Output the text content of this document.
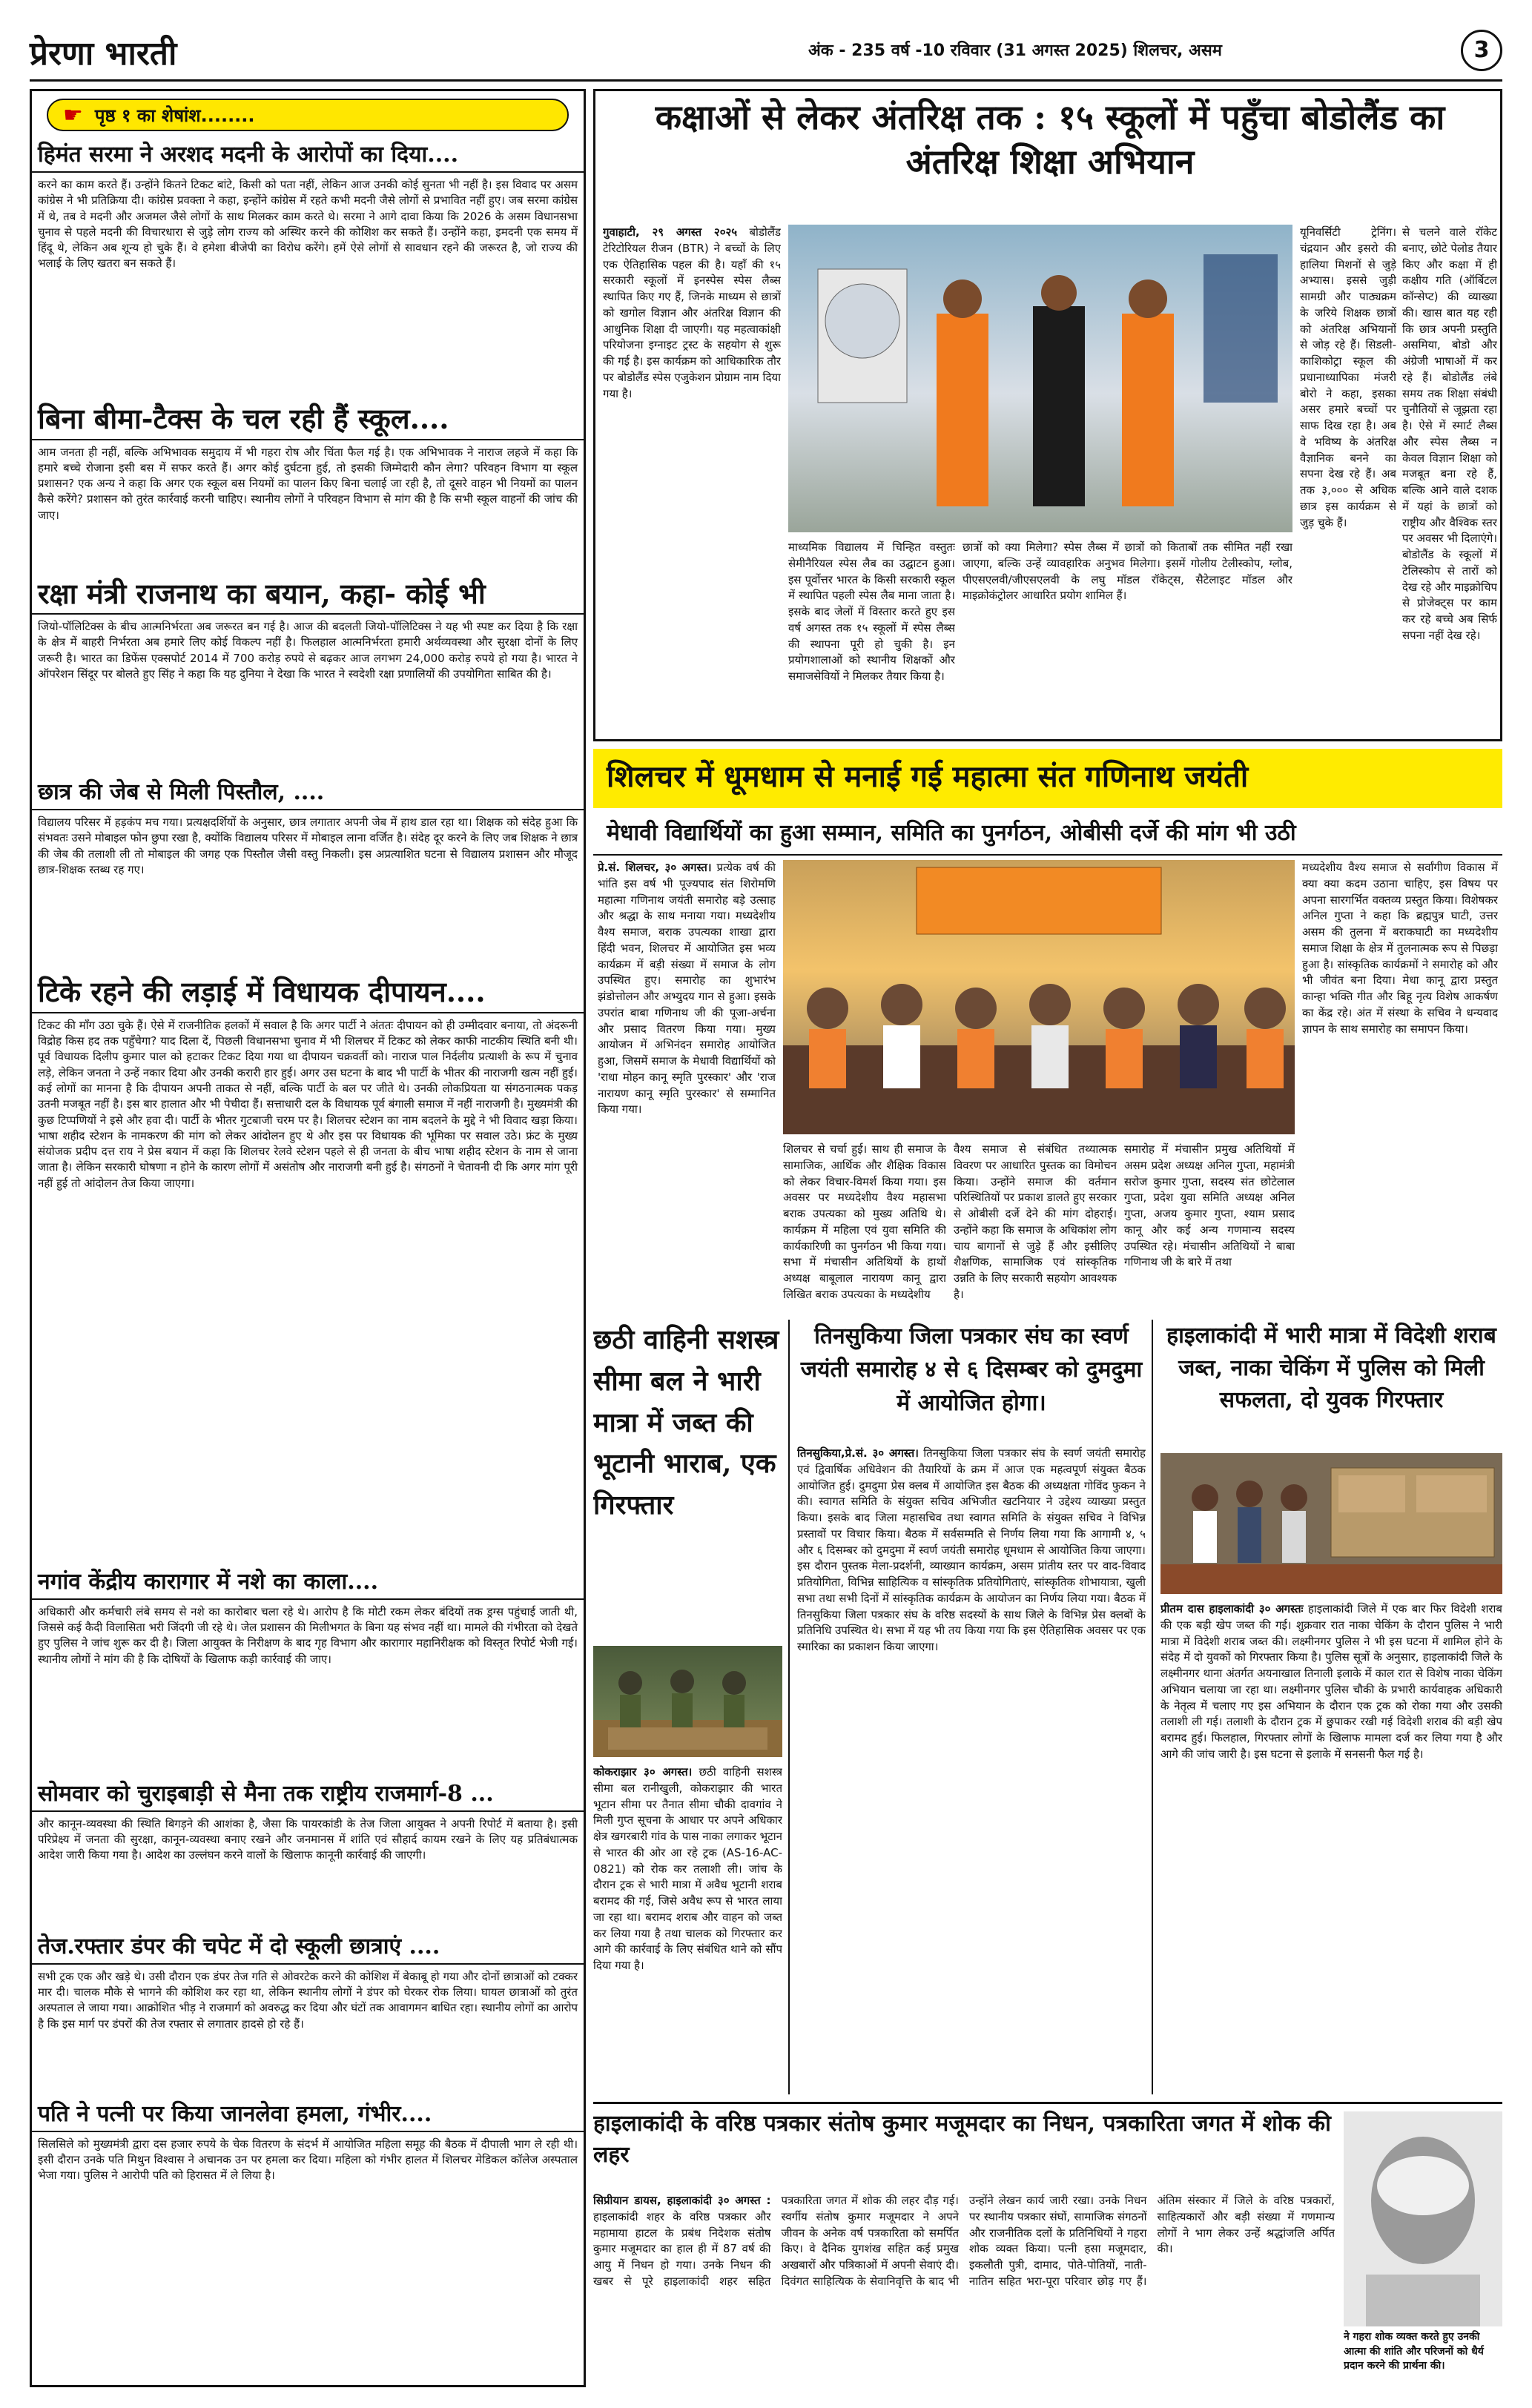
प्रेरणा भारती	अंक - 235 वर्ष -10 रविवार (31 अगस्त 2025) शिलचर, असम	3
☛ पृष्ठ १ का शेषांश........
हिमंत सरमा ने अरशद मदनी के आरोपों का दिया....
करने का काम करते हैं। उन्होंने कितने टिकट बांटे, किसी को पता नहीं, लेकिन आज उनकी कोई सुनता भी नहीं है। इस विवाद पर असम कांग्रेस ने भी प्रतिक्रिया दी। कांग्रेस प्रवक्ता ने कहा, इन्होंने कांग्रेस में रहते कभी मदनी जैसे लोगों से प्रभावित नहीं हुए। जब सरमा कांग्रेस में थे, तब वे मदनी और अजमल जैसे लोगों के साथ मिलकर काम करते थे। सरमा ने आगे दावा किया कि 2026 के असम विधानसभा चुनाव से पहले मदनी की विचारधारा से जुड़े लोग राज्य को अस्थिर करने की कोशिश कर सकते हैं। उन्होंने कहा, इमदनी एक समय में हिंदू थे, लेकिन अब शून्य हो चुके हैं। वे हमेशा बीजेपी का विरोध करेंगे। हमें ऐसे लोगों से सावधान रहने की जरूरत है, जो राज्य की भलाई के लिए खतरा बन सकते हैं।
बिना बीमा-टैक्स के चल रही हैं स्कूल....
आम जनता ही नहीं, बल्कि अभिभावक समुदाय में भी गहरा रोष और चिंता फैल गई है। एक अभिभावक ने नाराज लहजे में कहा कि हमारे बच्चे रोजाना इसी बस में सफर करते हैं। अगर कोई दुर्घटना हुई, तो इसकी जिम्मेदारी कौन लेगा? परिवहन विभाग या स्कूल प्रशासन? एक अन्य ने कहा कि अगर एक स्कूल बस नियमों का पालन किए बिना चलाई जा रही है, तो दूसरे वाहन भी नियमों का पालन कैसे करेंगे? प्रशासन को तुरंत कार्रवाई करनी चाहिए। स्थानीय लोगों ने परिवहन विभाग से मांग की है कि सभी स्कूल वाहनों की जांच की जाए।
रक्षा मंत्री राजनाथ का बयान, कहा- कोई भी
जियो-पॉलिटिक्स के बीच आत्मनिर्भरता अब जरूरत बन गई है। आज की बदलती जियो-पॉलिटिक्स ने यह भी स्पष्ट कर दिया है कि रक्षा के क्षेत्र में बाहरी निर्भरता अब हमारे लिए कोई विकल्प नहीं है। फिलहाल आत्मनिर्भरता हमारी अर्थव्यवस्था और सुरक्षा दोनों के लिए जरूरी है। भारत का डिफेंस एक्सपोर्ट 2014 में 700 करोड़ रुपये से बढ़कर आज लगभग 24,000 करोड़ रुपये हो गया है। भारत ने ऑपरेशन सिंदूर पर बोलते हुए सिंह ने कहा कि यह दुनिया ने देखा कि भारत ने स्वदेशी रक्षा प्रणालियों की उपयोगिता साबित की है।
छात्र की जेब से मिली पिस्तौल, ....
विद्यालय परिसर में हड़कंप मच गया। प्रत्यक्षदर्शियों के अनुसार, छात्र लगातार अपनी जेब में हाथ डाल रहा था। शिक्षक को संदेह हुआ कि संभवतः उसने मोबाइल फोन छुपा रखा है, क्योंकि विद्यालय परिसर में मोबाइल लाना वर्जित है। संदेह दूर करने के लिए जब शिक्षक ने छात्र की जेब की तलाशी ली तो मोबाइल की जगह एक पिस्तौल जैसी वस्तु निकली। इस अप्रत्याशित घटना से विद्यालय प्रशासन और मौजूद छात्र-शिक्षक स्तब्ध रह गए।
टिके रहने की लड़ाई में विधायक दीपायन....
टिकट की माँग उठा चुके हैं। ऐसे में राजनीतिक हलकों में सवाल है कि अगर पार्टी ने अंततः दीपायन को ही उम्मीदवार बनाया, तो अंदरूनी विद्रोह किस हद तक पहुँचेगा? याद दिला दें, पिछली विधानसभा चुनाव में भी शिलचर में टिकट को लेकर काफी नाटकीय स्थिति बनी थी। पूर्व विधायक दिलीप कुमार पाल को हटाकर टिकट दिया गया था दीपायन चक्रवर्ती को। नाराज पाल निर्दलीय प्रत्याशी के रूप में चुनाव लड़े, लेकिन जनता ने उन्हें नकार दिया और उनकी करारी हार हुई। अगर उस घटना के बाद भी पार्टी के भीतर की नाराजगी खत्म नहीं हुई। कई लोगों का मानना है कि दीपायन अपनी ताकत से नहीं, बल्कि पार्टी के बल पर जीते थे। उनकी लोकप्रियता या संगठनात्मक पकड़ उतनी मजबूत नहीं है। इस बार हालात और भी पेचीदा हैं। सत्ताधारी दल के विधायक पूर्व बंगाली समाज में नहीं नाराजगी है। मुख्यमंत्री की कुछ टिप्पणियों ने इसे और हवा दी। पार्टी के भीतर गुटबाजी चरम पर है। शिलचर स्टेशन का नाम बदलने के मुद्दे ने भी विवाद खड़ा किया। भाषा शहीद स्टेशन के नामकरण की मांग को लेकर आंदोलन हुए थे और इस पर विधायक की भूमिका पर सवाल उठे। फ्रंट के मुख्य संयोजक प्रदीप दत्त राय ने प्रेस बयान में कहा कि शिलचर रेलवे स्टेशन पहले से ही जनता के बीच भाषा शहीद स्टेशन के नाम से जाना जाता है। लेकिन सरकारी घोषणा न होने के कारण लोगों में असंतोष और नाराजगी बनी हुई है। संगठनों ने चेतावनी दी कि अगर मांग पूरी नहीं हुई तो आंदोलन तेज किया जाएगा।
नगांव केंद्रीय कारागार में नशे का काला....
अधिकारी और कर्मचारी लंबे समय से नशे का कारोबार चला रहे थे। आरोप है कि मोटी रकम लेकर बंदियों तक ड्रग्स पहुंचाई जाती थी, जिससे कई कैदी विलासिता भरी जिंदगी जी रहे थे। जेल प्रशासन की मिलीभगत के बिना यह संभव नहीं था। मामले की गंभीरता को देखते हुए पुलिस ने जांच शुरू कर दी है। जिला आयुक्त के निरीक्षण के बाद गृह विभाग और कारागार महानिरीक्षक को विस्तृत रिपोर्ट भेजी गई। स्थानीय लोगों ने मांग की है कि दोषियों के खिलाफ कड़ी कार्रवाई की जाए।
सोमवार को चुराइबाड़ी से मैना तक राष्ट्रीय राजमार्ग-8 ...
और कानून-व्यवस्था की स्थिति बिगड़ने की आशंका है, जैसा कि पायरकांडी के तेज जिला आयुक्त ने अपनी रिपोर्ट में बताया है। इसी परिप्रेक्ष्य में जनता की सुरक्षा, कानून-व्यवस्था बनाए रखने और जनमानस में शांति एवं सौहार्द कायम रखने के लिए यह प्रतिबंधात्मक आदेश जारी किया गया है। आदेश का उल्लंघन करने वालों के खिलाफ कानूनी कार्रवाई की जाएगी।
तेज.रफ्तार डंपर की चपेट में दो स्कूली छात्राएं ....
सभी ट्रक एक और खड़े थे। उसी दौरान एक डंपर तेज गति से ओवरटेक करने की कोशिश में बेकाबू हो गया और दोनों छात्राओं को टक्कर मार दी। चालक मौके से भागने की कोशिश कर रहा था, लेकिन स्थानीय लोगों ने डंपर को घेरकर रोक लिया। घायल छात्राओं को तुरंत अस्पताल ले जाया गया। आक्रोशित भीड़ ने राजमार्ग को अवरुद्ध कर दिया और घंटों तक आवागमन बाधित रहा। स्थानीय लोगों का आरोप है कि इस मार्ग पर डंपरों की तेज रफ्तार से लगातार हादसे हो रहे हैं।
पति ने पत्नी पर किया जानलेवा हमला, गंभीर....
सिलसिले को मुख्यमंत्री द्वारा दस हजार रुपये के चेक वितरण के संदर्भ में आयोजित महिला समूह की बैठक में दीपाली भाग ले रही थी। इसी दौरान उनके पति मिथुन विश्वास ने अचानक उन पर हमला कर दिया। महिला को गंभीर हालत में शिलचर मेडिकल कॉलेज अस्पताल भेजा गया। पुलिस ने आरोपी पति को हिरासत में ले लिया है।
कक्षाओं से लेकर अंतरिक्ष तक : १५ स्कूलों में पहुँचा बोडोलैंड का अंतरिक्ष शिक्षा अभियान
गुवाहाटी, २९ अगस्त २०२५ बोडोलैंड टेरिटोरियल रीजन (BTR) ने बच्चों के लिए एक ऐतिहासिक पहल की है। यहाँ की १५ सरकारी स्कूलों में इनस्पेस स्पेस लैब्स स्थापित किए गए हैं, जिनके माध्यम से छात्रों को खगोल विज्ञान और अंतरिक्ष विज्ञान की आधुनिक शिक्षा दी जाएगी। यह महत्वाकांक्षी परियोजना इग्नाइट ट्रस्ट के सहयोग से शुरू की गई है। इस कार्यक्रम को आधिकारिक तौर पर बोडोलैंड स्पेस एजुकेशन प्रोग्राम नाम दिया गया है।
माध्यमिक विद्यालय में चिन्हित वस्तुतः सेमीनैरियल स्पेस लैब का उद्घाटन हुआ। इस पूर्वोत्तर भारत के किसी सरकारी स्कूल में स्थापित पहली स्पेस लैब माना जाता है। इसके बाद जेलों में विस्तार करते हुए इस वर्ष अगस्त तक १५ स्कूलों में स्पेस लैब्स की स्थापना पूरी हो चुकी है। इन प्रयोगशालाओं को स्थानीय शिक्षकों और समाजसेवियों ने मिलकर तैयार किया है।
छात्रों को क्या मिलेगा? स्पेस लैब्स में छात्रों को किताबों तक सीमित नहीं रखा जाएगा, बल्कि उन्हें व्यावहारिक अनुभव मिलेगा। इसमें गोलीय टेलीस्कोप, ग्लोब, पीएसएलवी/जीएसएलवी के लघु मॉडल रॉकेट्स, सैटेलाइट मॉडल और माइक्रोकंट्रोलर आधारित प्रयोग शामिल हैं।
यूनिवर्सिटी ट्रेनिंग। चंद्रयान और इसरो की हालिया मिशनों से जुड़े अभ्यास। इससे जुड़ी सामग्री और पाठ्यक्रम के जरिये शिक्षक छात्रों को अंतरिक्ष अभियानों से जोड़ रहे हैं। सिडली-काशिकोट्रा स्कूल की प्रधानाध्यापिका मंजरी बोरो ने कहा, इसका असर हमारे बच्चों पर साफ दिख रहा है। अब वे भविष्य के अंतरिक्ष वैज्ञानिक बनने का सपना देख रहे हैं। अब तक ३,००० से अधिक छात्र इस कार्यक्रम से जुड़ चुके हैं।
से चलने वाले रॉकेट बनाए, छोटे पेलोड तैयार किए और कक्षा में ही कक्षीय गति (ऑर्बिटल कॉन्सेप्ट) की व्याख्या की। खास बात यह रही कि छात्र अपनी प्रस्तुति असमिया, बोडो और अंग्रेजी भाषाओं में कर रहे हैं। बोडोलैंड लंबे समय तक शिक्षा संबंधी चुनौतियों से जूझता रहा है। ऐसे में स्मार्ट लैब्स और स्पेस लैब्स न केवल विज्ञान शिक्षा को मजबूत बना रहे हैं, बल्कि आने वाले दशक में यहां के छात्रों को राष्ट्रीय और वैश्विक स्तर पर अवसर भी दिलाएंगे। बोडोलैंड के स्कूलों में टेलिस्कोप से तारों को देख रहे और माइक्रोचिप से प्रोजेक्ट्स पर काम कर रहे बच्चे अब सिर्फ सपना नहीं देख रहे।
शिलचर में धूमधाम से मनाई गई महात्मा संत गणिनाथ जयंती
मेधावी विद्यार्थियों का हुआ सम्मान, समिति का पुनर्गठन, ओबीसी दर्जे की मांग भी उठी
प्रे.सं. शिलचर, ३० अगस्त। प्रत्येक वर्ष की भांति इस वर्ष भी पूज्यपाद संत शिरोमणि महात्मा गणिनाथ जयंती समारोह बड़े उत्साह और श्रद्धा के साथ मनाया गया। मध्यदेशीय वैश्य समाज, बराक उपत्यका शाखा द्वारा हिंदी भवन, शिलचर में आयोजित इस भव्य कार्यक्रम में बड़ी संख्या में समाज के लोग उपस्थित हुए। समारोह का शुभारंभ झंडोत्तोलन और अभ्युदय गान से हुआ। इसके उपरांत बाबा गणिनाथ जी की पूजा-अर्चना और प्रसाद वितरण किया गया। मुख्य आयोजन में अभिनंदन समारोह आयोजित हुआ, जिसमें समाज के मेधावी विद्यार्थियों को 'राधा मोहन कानू स्मृति पुरस्कार' और 'राज नारायण कानू स्मृति पुरस्कार' से सम्मानित किया गया।
शिलचर से चर्चा हुई। साथ ही समाज के सामाजिक, आर्थिक और शैक्षिक विकास को लेकर विचार-विमर्श किया गया। इस अवसर पर मध्यदेशीय वैश्य महासभा बराक उपत्यका को मुख्य अतिथि थे। कार्यक्रम में महिला एवं युवा समिति की कार्यकारिणी का पुनर्गठन भी किया गया। सभा में मंचासीन अतिथियों के हाथों अध्यक्ष बाबूलाल नारायण कानू द्वारा लिखित बराक उपत्यका के मध्यदेशीय
वैश्य समाज से संबंधित तथ्यात्मक विवरण पर आधारित पुस्तक का विमोचन किया। उन्होंने समाज की वर्तमान परिस्थितियों पर प्रकाश डालते हुए सरकार से ओबीसी दर्जे देने की मांग दोहराई। उन्होंने कहा कि समाज के अधिकांश लोग चाय बागानों से जुड़े हैं और इसीलिए शैक्षणिक, सामाजिक एवं सांस्कृतिक उन्नति के लिए सरकारी सहयोग आवश्यक है।
समारोह में मंचासीन प्रमुख अतिथियों में असम प्रदेश अध्यक्ष अनिल गुप्ता, महामंत्री सरोज कुमार गुप्ता, सदस्य संत छोटेलाल गुप्ता, प्रदेश युवा समिति अध्यक्ष अनिल गुप्ता, अजय कुमार गुप्ता, श्याम प्रसाद कानू और कई अन्य गणमान्य सदस्य उपस्थित रहे। मंचासीन अतिथियों ने बाबा गणिनाथ जी के बारे में तथा
मध्यदेशीय वैश्य समाज से सर्वांगीण विकास में क्या क्या कदम उठाना चाहिए, इस विषय पर अपना सारगर्भित वक्तव्य प्रस्तुत किया। विशेषकर अनिल गुप्ता ने कहा कि ब्रह्मपुत्र घाटी, उत्तर असम की तुलना में बराकघाटी का मध्यदेशीय समाज शिक्षा के क्षेत्र में तुलनात्मक रूप से पिछड़ा हुआ है। सांस्कृतिक कार्यक्रमों ने समारोह को और भी जीवंत बना दिया। मेधा कानू द्वारा प्रस्तुत कान्हा भक्ति गीत और बिहू नृत्य विशेष आकर्षण का केंद्र रहे। अंत में संस्था के सचिव ने धन्यवाद ज्ञापन के साथ समारोह का समापन किया।
छठी वाहिनी सशस्त्र सीमा बल ने भारी मात्रा में जब्त की भूटानी भाराब, एक गिरफ्तार
कोकराझार ३० अगस्त। छठी वाहिनी सशस्त्र सीमा बल रानीखुली, कोकराझार की भारत भूटान सीमा पर तैनात सीमा चौकी दावगांव ने मिली गुप्त सूचना के आधार पर अपने अधिकार क्षेत्र खगरबारी गांव के पास नाका लगाकर भूटान से भारत की ओर आ रहे ट्रक (AS-16-AC-0821) को रोक कर तलाशी ली। जांच के दौरान ट्रक से भारी मात्रा में अवैध भूटानी शराब बरामद की गई, जिसे अवैध रूप से भारत लाया जा रहा था। बरामद शराब और वाहन को जब्त कर लिया गया है तथा चालक को गिरफ्तार कर आगे की कार्रवाई के लिए संबंधित थाने को सौंप दिया गया है।
तिनसुकिया जिला पत्रकार संघ का स्वर्ण जयंती समारोह ४ से ६ दिसम्बर को दुमदुमा में आयोजित होगा।
तिनसुकिया,प्रे.सं. ३० अगस्त। तिनसुकिया जिला पत्रकार संघ के स्वर्ण जयंती समारोह एवं द्विवार्षिक अधिवेशन की तैयारियों के क्रम में आज एक महत्वपूर्ण संयुक्त बैठक आयोजित हुई। दुमदुमा प्रेस क्लब में आयोजित इस बैठक की अध्यक्षता गोविंद फुकन ने की। स्वागत समिति के संयुक्त सचिव अभिजीत खटनियार ने उद्देश्य व्याख्या प्रस्तुत किया। इसके बाद जिला महासचिव तथा स्वागत समिति के संयुक्त सचिव ने विभिन्न प्रस्तावों पर विचार किया। बैठक में सर्वसम्मति से निर्णय लिया गया कि आगामी ४, ५ और ६ दिसम्बर को दुमदुमा में स्वर्ण जयंती समारोह धूमधाम से आयोजित किया जाएगा। इस दौरान पुस्तक मेला-प्रदर्शनी, व्याख्यान कार्यक्रम, असम प्रांतीय स्तर पर वाद-विवाद प्रतियोगिता, विभिन्न साहित्यिक व सांस्कृतिक प्रतियोगिताएं, सांस्कृतिक शोभायात्रा, खुली सभा तथा सभी दिनों में सांस्कृतिक कार्यक्रम के आयोजन का निर्णय लिया गया। बैठक में तिनसुकिया जिला पत्रकार संघ के वरिष्ठ सदस्यों के साथ जिले के विभिन्न प्रेस क्लबों के प्रतिनिधि उपस्थित थे। सभा में यह भी तय किया गया कि इस ऐतिहासिक अवसर पर एक स्मारिका का प्रकाशन किया जाएगा।
हाइलाकांदी में भारी मात्रा में विदेशी शराब जब्त, नाका चेकिंग में पुलिस को मिली सफलता, दो युवक गिरफ्तार
प्रीतम दास हाइलाकांदी ३० अगस्तः हाइलाकांदी जिले में एक बार फिर विदेशी शराब की एक बड़ी खेप जब्त की गई। शुक्रवार रात नाका चेकिंग के दौरान पुलिस ने भारी मात्रा में विदेशी शराब जब्त की। लक्ष्मीनगर पुलिस ने भी इस घटना में शामिल होने के संदेह में दो युवकों को गिरफ्तार किया है। पुलिस सूत्रों के अनुसार, हाइलाकांदी जिले के लक्ष्मीनगर थाना अंतर्गत अयनाखाल तिनाली इलाके में काल रात से विशेष नाका चेकिंग अभियान चलाया जा रहा था। लक्ष्मीनगर पुलिस चौकी के प्रभारी कार्यवाहक अधिकारी के नेतृत्व में चलाए गए इस अभियान के दौरान एक ट्रक को रोका गया और उसकी तलाशी ली गई। तलाशी के दौरान ट्रक में छुपाकर रखी गई विदेशी शराब की बड़ी खेप बरामद हुई। फिलहाल, गिरफ्तार लोगों के खिलाफ मामला दर्ज कर लिया गया है और आगे की जांच जारी है। इस घटना से इलाके में सनसनी फैल गई है।
हाइलाकांदी के वरिष्ठ पत्रकार संतोष कुमार मजूमदार का निधन, पत्रकारिता जगत में शोक की लहर
सिप्रीयान डायस, हाइलाकांदी ३० अगस्त : हाइलाकांदी शहर के वरिष्ठ पत्रकार और महामाया हाटल के प्रबंध निदेशक संतोष कुमार मजूमदार का हाल ही में 87 वर्ष की आयु में निधन हो गया। उनके निधन की खबर से पूरे हाइलाकांदी शहर सहित पत्रकारिता जगत में शोक की लहर दौड़ गई। स्वर्गीय संतोष कुमार मजूमदार ने अपने जीवन के अनेक वर्ष पत्रकारिता को समर्पित किए। वे दैनिक युगशंख सहित कई प्रमुख अखबारों और पत्रिकाओं में अपनी सेवाएं दी। दिवंगत साहित्यिक के सेवानिवृत्ति के बाद भी उन्होंने लेखन कार्य जारी रखा। उनके निधन पर स्थानीय पत्रकार संघों, सामाजिक संगठनों और राजनीतिक दलों के प्रतिनिधियों ने गहरा शोक व्यक्त किया। पत्नी हसा मजूमदार, इकलौती पुत्री, दामाद, पोते-पोतियों, नाती-नातिन सहित भरा-पूरा परिवार छोड़ गए हैं। अंतिम संस्कार में जिले के वरिष्ठ पत्रकारों, साहित्यकारों और बड़ी संख्या में गणमान्य लोगों ने भाग लेकर उन्हें श्रद्धांजलि अर्पित की।
ने गहरा शोक व्यक्त करते हुए उनकी आत्मा की शांति और परिजनों को धैर्य प्रदान करने की प्रार्थना की।
